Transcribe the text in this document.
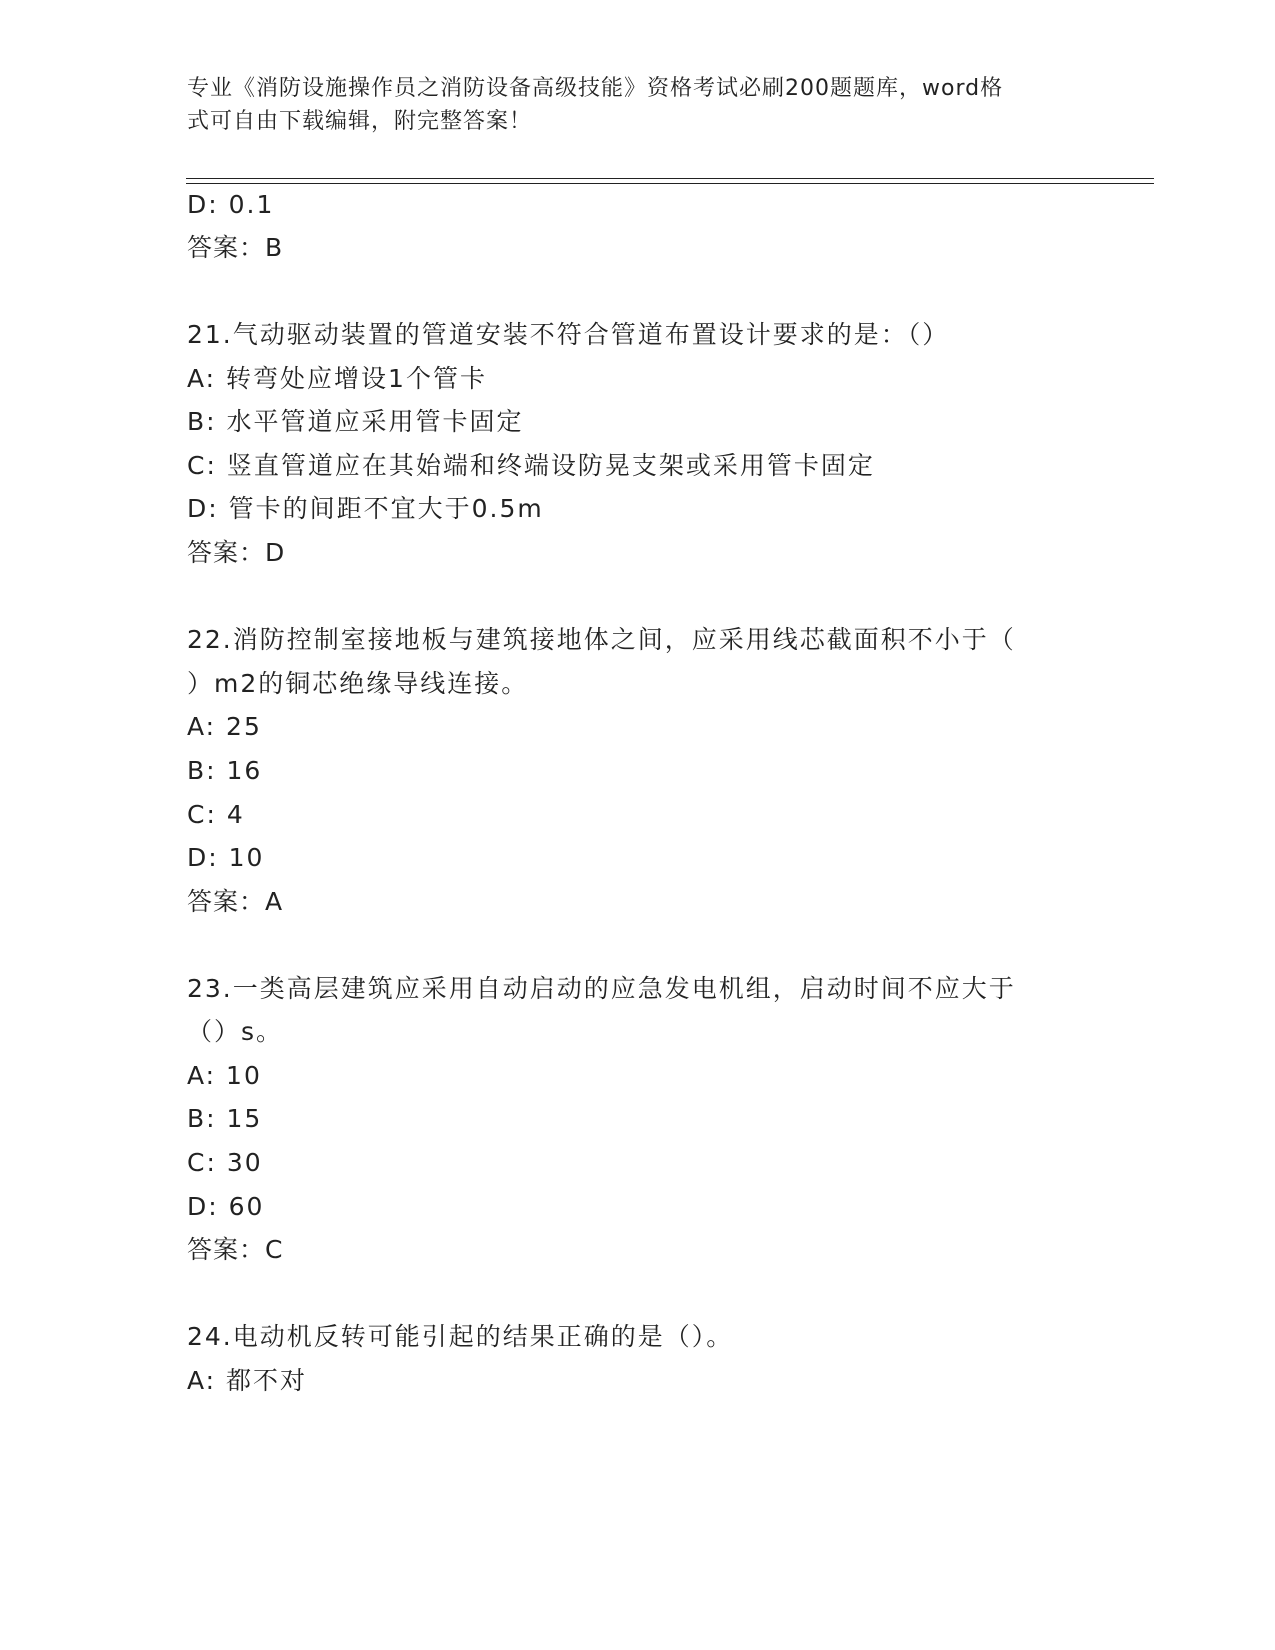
专业《消防设施操作员之消防设备高级技能》资格考试必刷200题题库，word格
式可自由下载编辑，附完整答案！
D: 0.1
答案：B
21.气动驱动装置的管道安装不符合管道布置设计要求的是：（）
A: 转弯处应增设1个管卡
B: 水平管道应采用管卡固定
C: 竖直管道应在其始端和终端设防晃支架或采用管卡固定
D: 管卡的间距不宜大于0.5m
答案：D
22.消防控制室接地板与建筑接地体之间，应采用线芯截面积不小于（
）m2的铜芯绝缘导线连接。
A: 25
B: 16
C: 4
D: 10
答案：A
23.一类高层建筑应采用自动启动的应急发电机组，启动时间不应大于
（）s。
A: 10
B: 15
C: 30
D: 60
答案：C
24.电动机反转可能引起的结果正确的是（）。
A: 都不对
